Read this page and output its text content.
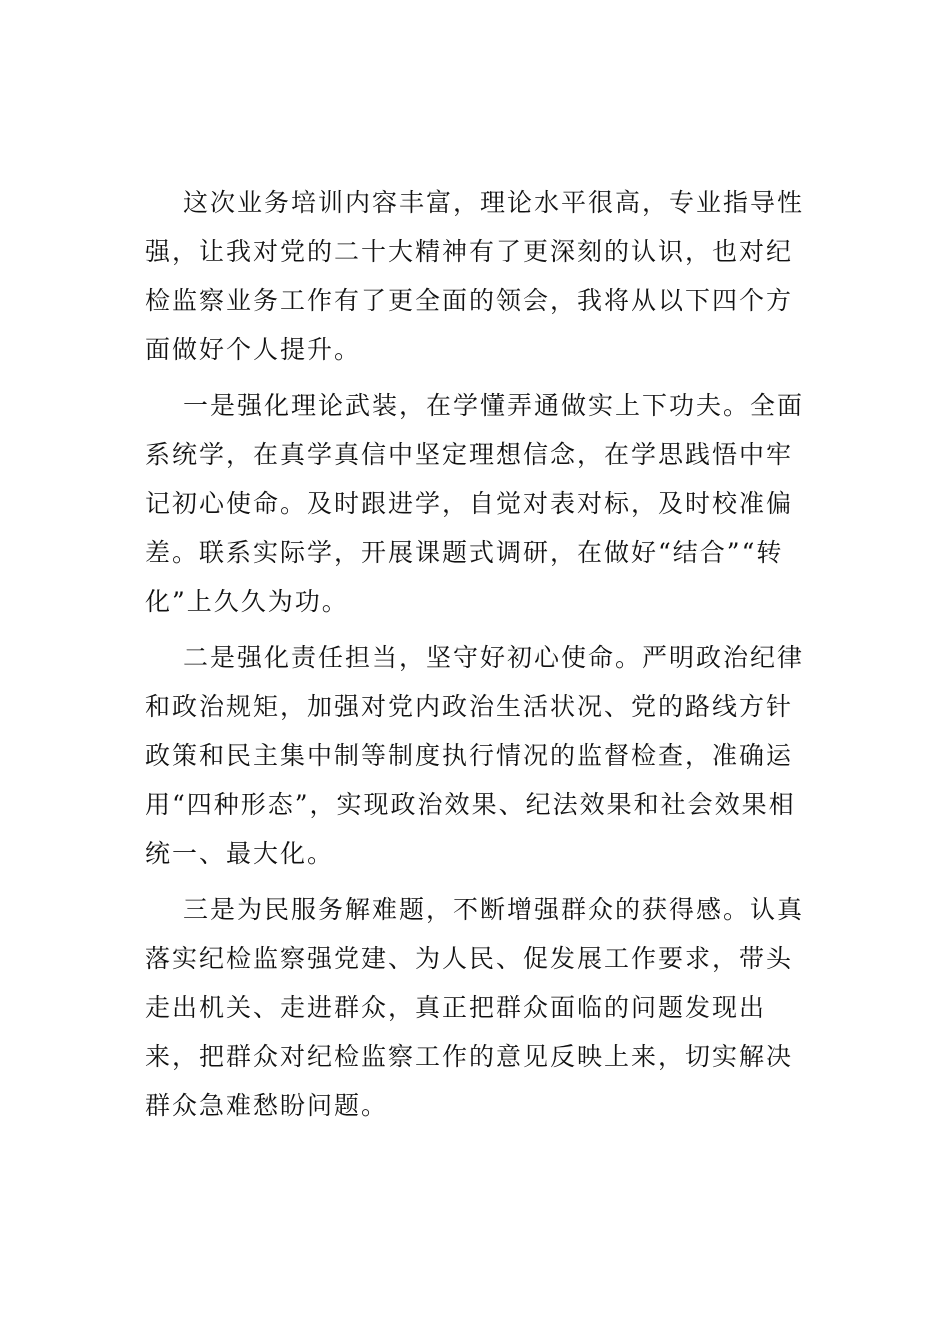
这次业务培训内容丰富，理论水平很高，专业指导性强，让我对党的二十大精神有了更深刻的认识，也对纪检监察业务工作有了更全面的领会，我将从以下四个方面做好个人提升。

一是强化理论武装，在学懂弄通做实上下功夫。全面系统学，在真学真信中坚定理想信念，在学思践悟中牢记初心使命。及时跟进学，自觉对表对标，及时校准偏差。联系实际学，开展课题式调研，在做好“结合”“转化”上久久为功。

二是强化责任担当，坚守好初心使命。严明政治纪律和政治规矩，加强对党内政治生活状况、党的路线方针政策和民主集中制等制度执行情况的监督检查，准确运用“四种形态”，实现政治效果、纪法效果和社会效果相统一、最大化。

三是为民服务解难题，不断增强群众的获得感。认真落实纪检监察强党建、为人民、促发展工作要求，带头走出机关、走进群众，真正把群众面临的问题发现出来，把群众对纪检监察工作的意见反映上来，切实解决群众急难愁盼问题。
